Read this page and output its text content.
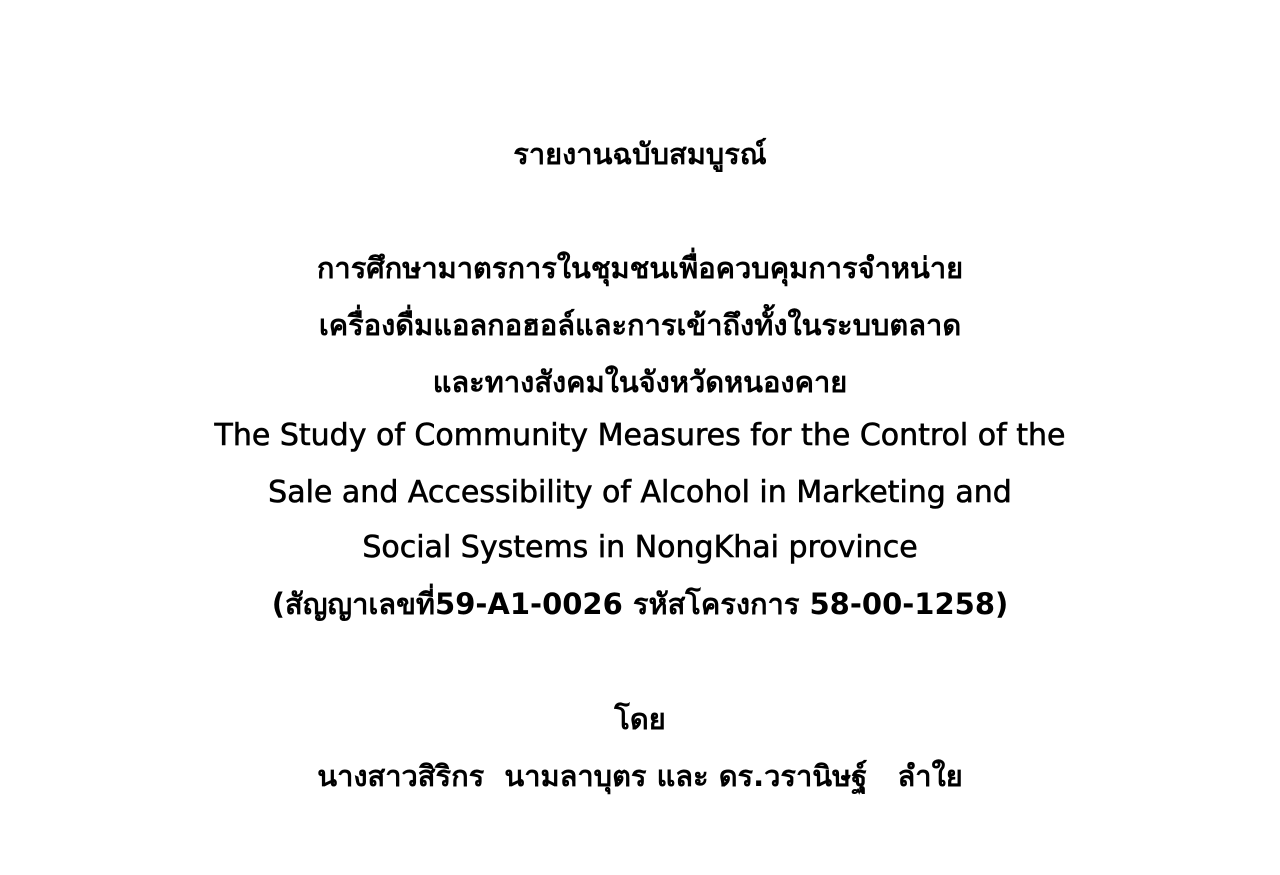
รายงานฉบับสมบูรณ์
การศึกษามาตรการในชุมชนเพื่อควบคุมการจำหน่าย
เครื่องดื่มแอลกอฮอล์และการเข้าถึงทั้งในระบบตลาด
และทางสังคมในจังหวัดหนองคาย
The Study of Community Measures for the Control of the
Sale and Accessibility of Alcohol in Marketing and
Social Systems in NongKhai province
(สัญญาเลขที่59-A1-0026 รหัสโครงการ 58-00-1258)
โดย
นางสาวสิริกร  นามลาบุตร และ ดร.วรานิษฐ์   ลำใย
